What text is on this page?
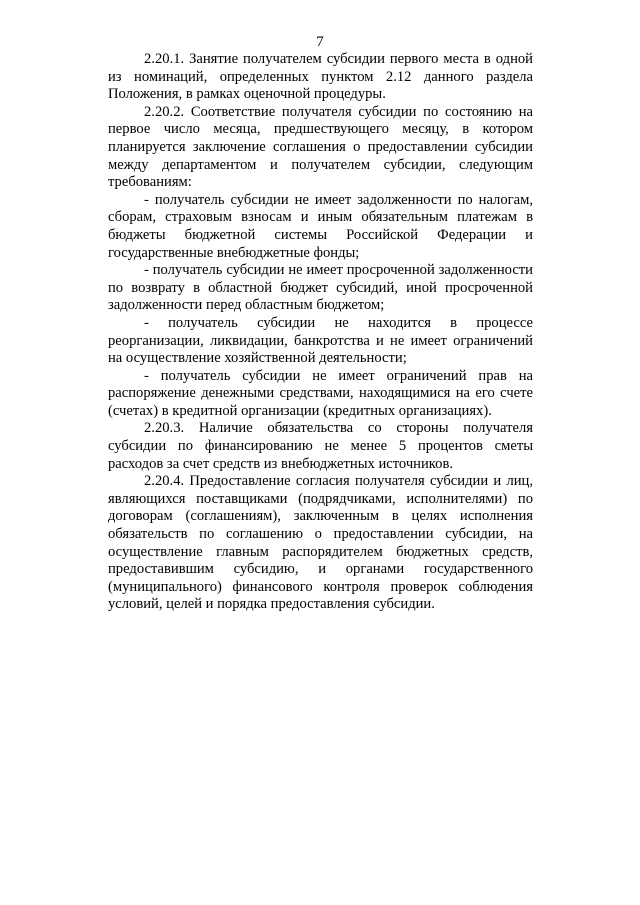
7

2.20.1. Занятие получателем субсидии первого места в одной из номинаций, определенных пунктом 2.12 данного раздела Положения, в рамках оценочной процедуры.

2.20.2. Соответствие получателя субсидии по состоянию на первое число месяца, предшествующего месяцу, в котором планируется заключение соглашения о предоставлении субсидии между департаментом и получателем субсидии, следующим требованиям:

- получатель субсидии не имеет задолженности по налогам, сборам, страховым взносам и иным обязательным платежам в бюджеты бюджетной системы Российской Федерации и государственные внебюджетные фонды;

- получатель субсидии не имеет просроченной задолженности по возврату в областной бюджет субсидий, иной просроченной задолженности перед областным бюджетом;

- получатель субсидии не находится в процессе реорганизации, ликвидации, банкротства и не имеет ограничений на осуществление хозяйственной деятельности;

- получатель субсидии не имеет ограничений прав на распоряжение денежными средствами, находящимися на его счете (счетах) в кредитной организации (кредитных организациях).

2.20.3. Наличие обязательства со стороны получателя субсидии по финансированию не менее 5 процентов сметы расходов за счет средств из внебюджетных источников.

2.20.4. Предоставление согласия получателя субсидии и лиц, являющихся поставщиками (подрядчиками, исполнителями) по договорам (соглашениям), заключенным в целях исполнения обязательств по соглашению о предоставлении субсидии, на осуществление главным распорядителем бюджетных средств, предоставившим субсидию, и органами государственного (муниципального) финансового контроля проверок соблюдения условий, целей и порядка предоставления субсидии.
